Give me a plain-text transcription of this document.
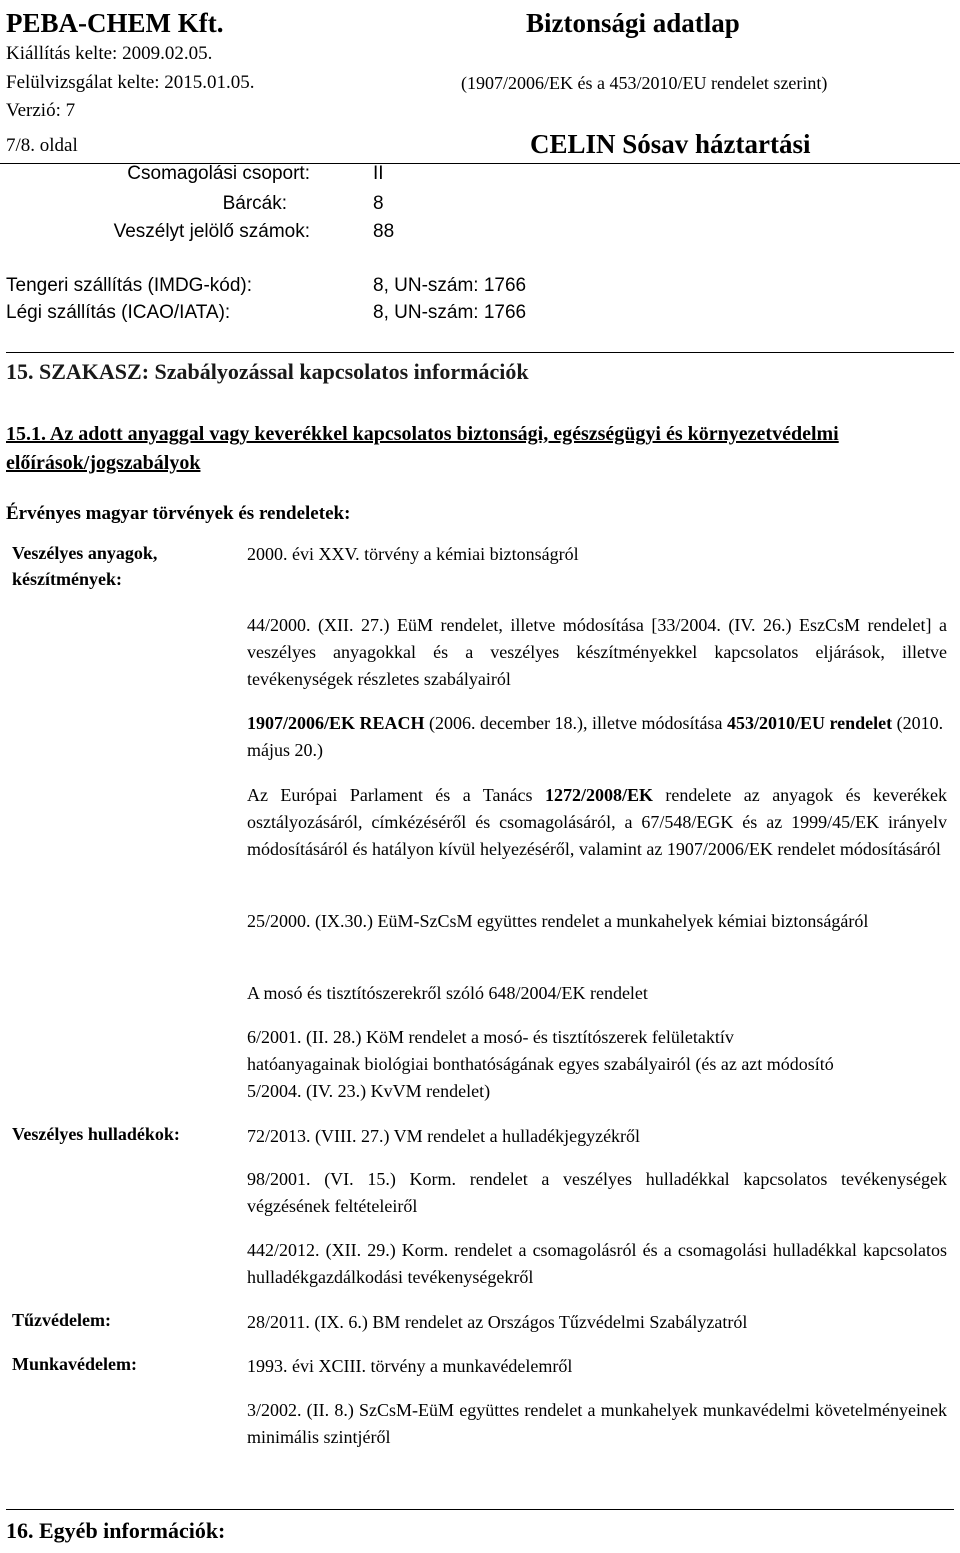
PEBA-CHEM Kft.
Kiállítás kelte: 2009.02.05.
Felülvizsgálat kelte: 2015.01.05.
Verzió: 7
7/8. oldal
Biztonsági adatlap
(1907/2006/EK és a 453/2010/EU rendelet szerint)
CELIN Sósav háztartási
Csomagolási csoport:	II
Bárcák:	8
Veszélyt jelölő számok:	88
Tengeri szállítás (IMDG-kód):	8, UN-szám: 1766
Légi szállítás (ICAO/IATA):	8, UN-szám: 1766
15. SZAKASZ: Szabályozással kapcsolatos információk
15.1. Az adott anyaggal vagy keverékkel kapcsolatos biztonsági, egészségügyi és környezetvédelmi előírások/jogszabályok
Érvényes magyar törvények és rendeletek:
Veszélyes anyagok, készítmények:
2000. évi XXV. törvény a kémiai biztonságról
44/2000. (XII. 27.) EüM rendelet, illetve módosítása [33/2004. (IV. 26.) EszCsM rendelet] a veszélyes anyagokkal és a veszélyes készítményekkel kapcsolatos eljárások, illetve tevékenységek részletes szabályairól
1907/2006/EK REACH (2006. december 18.), illetve módosítása 453/2010/EU rendelet (2010. május 20.)
Az Európai Parlament és a Tanács 1272/2008/EK rendelete az anyagok és keverékek osztályozásáról, címkézéséről és csomagolásáról, a 67/548/EGK és az 1999/45/EK irányelv módosításáról és hatályon kívül helyezéséről, valamint az 1907/2006/EK rendelet módosításáról
25/2000. (IX.30.) EüM-SzCsM együttes rendelet a munkahelyek kémiai biztonságáról
A mosó és tisztítószerekről szóló 648/2004/EK rendelet
6/2001. (II. 28.) KöM rendelet a mosó- és tisztítószerek felületaktív
hatóanyagainak biológiai bonthatóságának egyes szabályairól (és az azt módosító
5/2004. (IV. 23.) KvVM rendelet)
Veszélyes hulladékok:	72/2013. (VIII. 27.) VM rendelet a hulladékjegyzékről
98/2001. (VI. 15.) Korm. rendelet a veszélyes hulladékkal kapcsolatos tevékenységek végzésének feltételeiről
442/2012. (XII. 29.) Korm. rendelet a csomagolásról és a csomagolási hulladékkal kapcsolatos hulladékgazdálkodási tevékenységekről
Tűzvédelem:	28/2011. (IX. 6.) BM rendelet az Országos Tűzvédelmi Szabályzatról
Munkavédelem:	1993. évi XCIII. törvény a munkavédelemről
3/2002. (II. 8.) SzCsM-EüM együttes rendelet a munkahelyek munkavédelmi követelményeinek minimális szintjéről
16. Egyéb információk:
